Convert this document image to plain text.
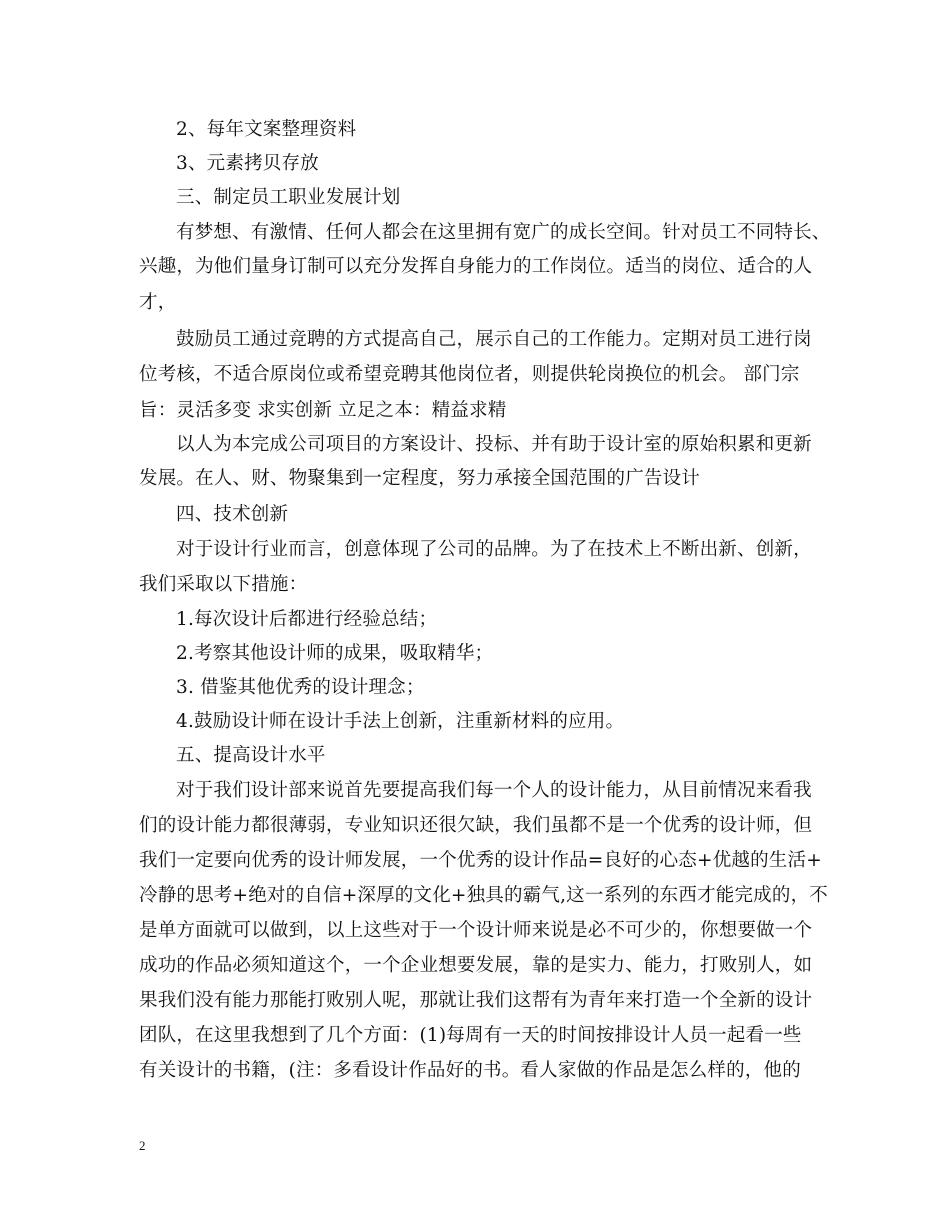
2、每年文案整理资料
3、元素拷贝存放
三、制定员工职业发展计划
有梦想、有激情、任何人都会在这里拥有宽广的成长空间。针对员工不同特长、
兴趣，为他们量身订制可以充分发挥自身能力的工作岗位。适当的岗位、适合的人
才，
鼓励员工通过竞聘的方式提高自己，展示自己的工作能力。定期对员工进行岗
位考核，不适合原岗位或希望竞聘其他岗位者，则提供轮岗换位的机会。 部门宗
旨：灵活多变 求实创新 立足之本：精益求精
以人为本完成公司项目的方案设计、投标、并有助于设计室的原始积累和更新
发展。在人、财、物聚集到一定程度，努力承接全国范围的广告设计
四、技术创新
对于设计行业而言，创意体现了公司的品牌。为了在技术上不断出新、创新，
我们采取以下措施：
1.每次设计后都进行经验总结；
2.考察其他设计师的成果，吸取精华；
3. 借鉴其他优秀的设计理念；
4.鼓励设计师在设计手法上创新，注重新材料的应用。
五、提高设计水平
对于我们设计部来说首先要提高我们每一个人的设计能力，从目前情况来看我
们的设计能力都很薄弱，专业知识还很欠缺，我们虽都不是一个优秀的设计师，但
我们一定要向优秀的设计师发展，一个优秀的设计作品=良好的心态+优越的生活+
冷静的思考+绝对的自信+深厚的文化+独具的霸气,这一系列的东西才能完成的，不
是单方面就可以做到，以上这些对于一个设计师来说是必不可少的，你想要做一个
成功的作品必须知道这个，一个企业想要发展，靠的是实力、能力，打败别人，如
果我们没有能力那能打败别人呢，那就让我们这帮有为青年来打造一个全新的设计
团队，在这里我想到了几个方面：(1)每周有一天的时间按排设计人员一起看一些
有关设计的书籍，(注：多看设计作品好的书。看人家做的作品是怎么样的，他的
2
